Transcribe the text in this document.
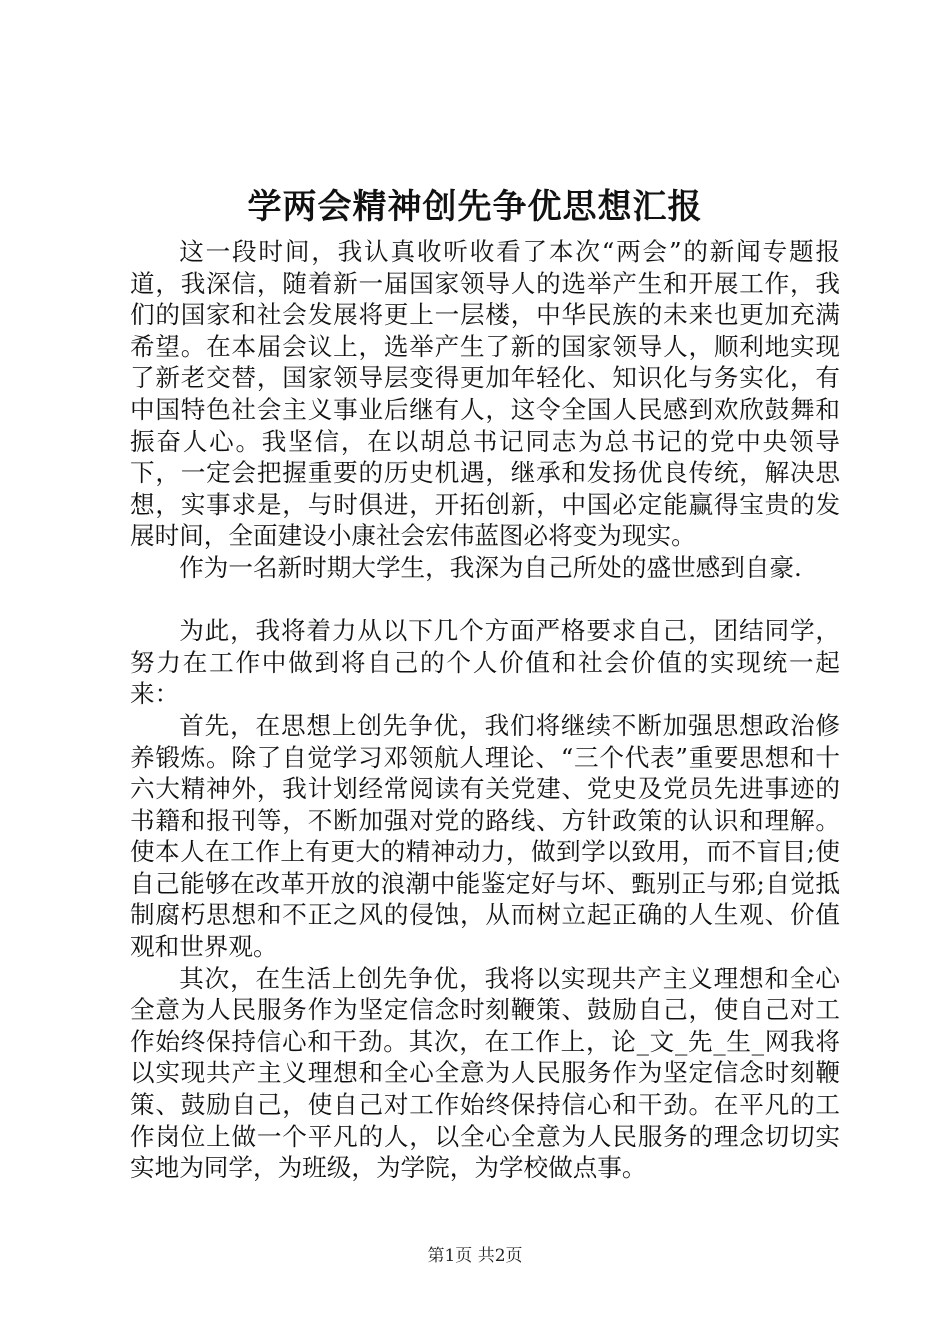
学两会精神创先争优思想汇报

这一段时间，我认真收听收看了本次“两会”的新闻专题报道，我深信，随着新一届国家领导人的选举产生和开展工作，我们的国家和社会发展将更上一层楼，中华民族的未来也更加充满希望。在本届会议上，选举产生了新的国家领导人，顺利地实现了新老交替，国家领导层变得更加年轻化、知识化与务实化，有中国特色社会主义事业后继有人，这令全国人民感到欢欣鼓舞和振奋人心。我坚信，在以胡总书记同志为总书记的党中央领导下，一定会把握重要的历史机遇，继承和发扬优良传统，解决思想，实事求是，与时俱进，开拓创新，中国必定能赢得宝贵的发展时间，全面建设小康社会宏伟蓝图必将变为现实。

作为一名新时期大学生，我深为自己所处的盛世感到自豪.

为此，我将着力从以下几个方面严格要求自己，团结同学，努力在工作中做到将自己的个人价值和社会价值的实现统一起来：

首先，在思想上创先争优，我们将继续不断加强思想政治修养锻炼。除了自觉学习邓领航人理论、“三个代表”重要思想和十六大精神外，我计划经常阅读有关党建、党史及党员先进事迹的书籍和报刊等，不断加强对党的路线、方针政策的认识和理解。使本人在工作上有更大的精神动力，做到学以致用，而不盲目;使自己能够在改革开放的浪潮中能鉴定好与坏、甄别正与邪;自觉抵制腐朽思想和不正之风的侵蚀，从而树立起正确的人生观、价值观和世界观。

其次，在生活上创先争优，我将以实现共产主义理想和全心全意为人民服务作为坚定信念时刻鞭策、鼓励自己，使自己对工作始终保持信心和干劲。其次，在工作上，论_文_先_生_网我将以实现共产主义理想和全心全意为人民服务作为坚定信念时刻鞭策、鼓励自己，使自己对工作始终保持信心和干劲。在平凡的工作岗位上做一个平凡的人，以全心全意为人民服务的理念切切实实地为同学，为班级，为学院，为学校做点事。

第1页 共2页
